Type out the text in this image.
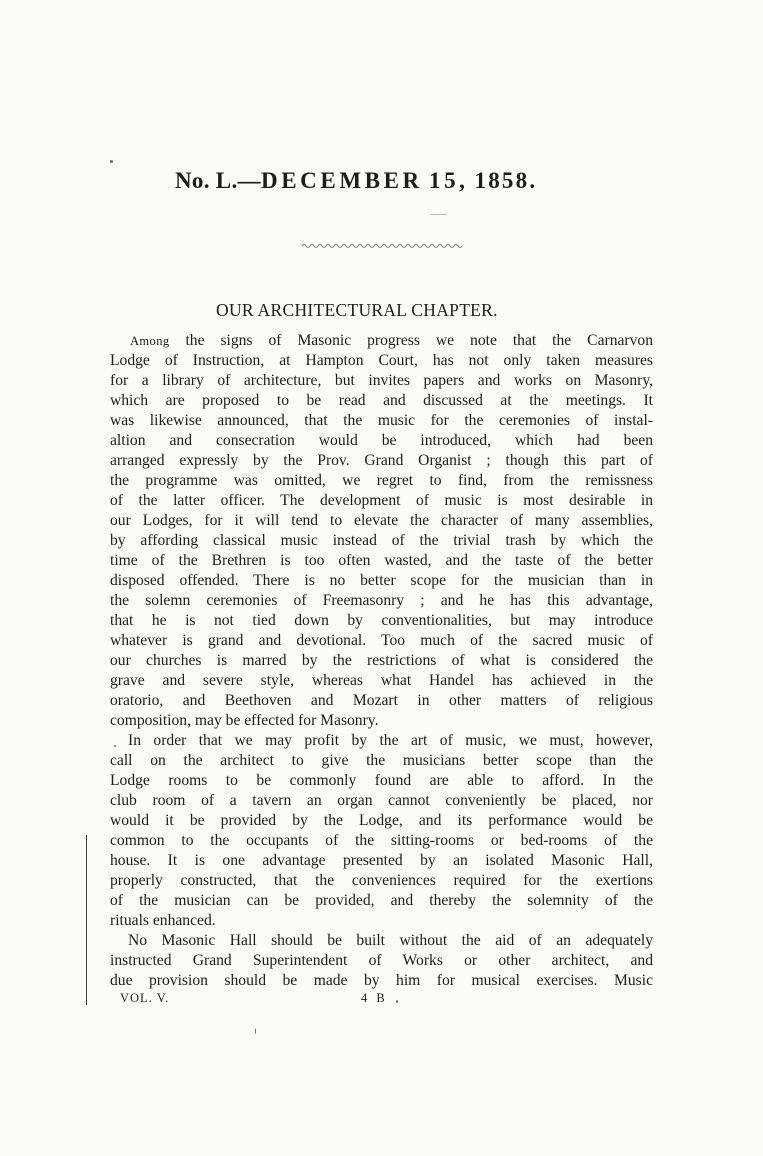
No. L.—DECEMBER 15, 1858.
OUR ARCHITECTURAL CHAPTER.
Among the signs of Masonic progress we note that the Carnarvon
Lodge of Instruction, at Hampton Court, has not only taken measures
for a library of architecture, but invites papers and works on Masonry,
which are proposed to be read and discussed at the meetings. It
was likewise announced, that the music for the ceremonies of instal-
altion and consecration would be introduced, which had been
arranged expressly by the Prov. Grand Organist ; though this part of
the programme was omitted, we regret to find, from the remissness
of the latter officer. The development of music is most desirable in
our Lodges, for it will tend to elevate the character of many assemblies,
by affording classical music instead of the trivial trash by which the
time of the Brethren is too often wasted, and the taste of the better
disposed offended. There is no better scope for the musician than in
the solemn ceremonies of Freemasonry ; and he has this advantage,
that he is not tied down by conventionalities, but may introduce
whatever is grand and devotional. Too much of the sacred music of
our churches is marred by the restrictions of what is considered the
grave and severe style, whereas what Handel has achieved in the
oratorio, and Beethoven and Mozart in other matters of religious
composition, may be effected for Masonry.
In order that we may profit by the art of music, we must, however,
call on the architect to give the musicians better scope than the
Lodge rooms to be commonly found are able to afford. In the
club room of a tavern an organ cannot conveniently be placed, nor
would it be provided by the Lodge, and its performance would be
common to the occupants of the sitting-rooms or bed-rooms of the
house. It is one advantage presented by an isolated Masonic Hall,
properly constructed, that the conveniences required for the exertions
of the musician can be provided, and thereby the solemnity of the
rituals enhanced.
No Masonic Hall should be built without the aid of an adequately
instructed Grand Superintendent of Works or other architect, and
due provision should be made by him for musical exercises. Music
VOL. V.	4 B
